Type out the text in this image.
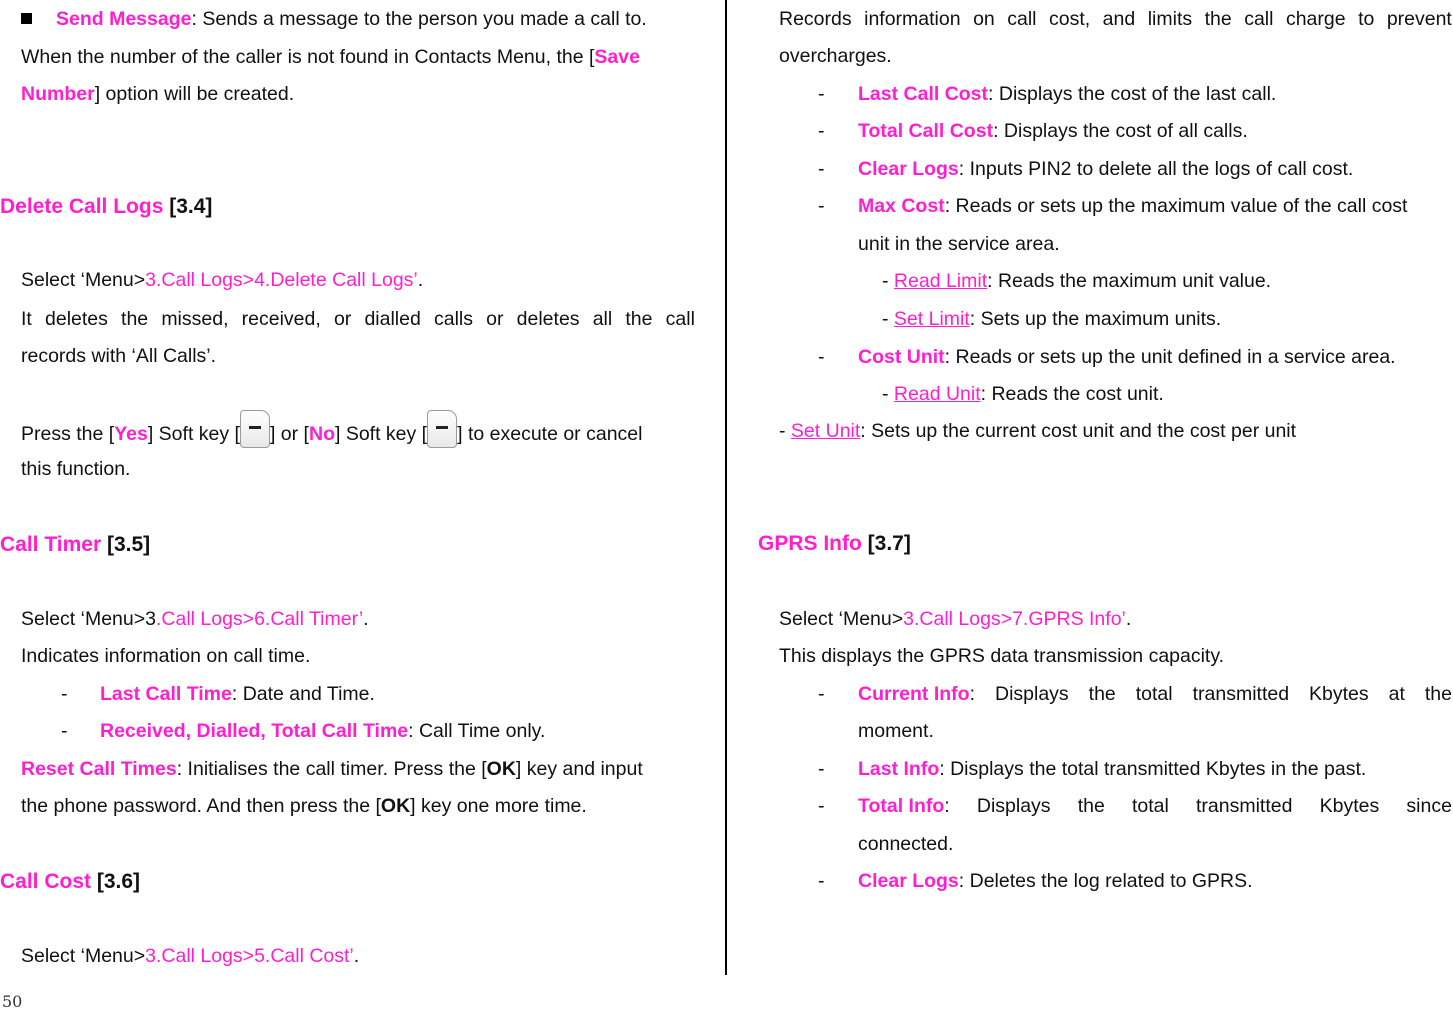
Send Message: Sends a message to the person you made a call to.
When the number of the caller is not found in Contacts Menu, the [Save
Number] option will be created.
Delete Call Logs [3.4]
Select ‘Menu>3.Call Logs>4.Delete Call Logs’.
It deletes the missed, received, or dialled calls or deletes all the call
records with ‘All Calls’.
Press the [Yes] Soft key [ ] or [No] Soft key [ ] to execute or cancel
this function.
Call Timer [3.5]
Select ‘Menu>3.Call Logs>6.Call Timer’.
Indicates information on call time.
- Last Call Time: Date and Time.
- Received, Dialled, Total Call Time: Call Time only.
Reset Call Times: Initialises the call timer. Press the [OK] key and input
the phone password. And then press the [OK] key one more time.
Call Cost [3.6]
Select ‘Menu>3.Call Logs>5.Call Cost’.
Records information on call cost, and limits the call charge to prevent
overcharges.
- Last Call Cost: Displays the cost of the last call.
- Total Call Cost: Displays the cost of all calls.
- Clear Logs: Inputs PIN2 to delete all the logs of call cost.
- Max Cost: Reads or sets up the maximum value of the call cost
unit in the service area.
- Read Limit: Reads the maximum unit value.
- Set Limit: Sets up the maximum units.
- Cost Unit: Reads or sets up the unit defined in a service area.
- Read Unit: Reads the cost unit.
- Set Unit: Sets up the current cost unit and the cost per unit
GPRS Info [3.7]
Select ‘Menu>3.Call Logs>7.GPRS Info’.
This displays the GPRS data transmission capacity.
- Current Info: Displays the total transmitted Kbytes at the
moment.
- Last Info: Displays the total transmitted Kbytes in the past.
- Total Info: Displays the total transmitted Kbytes since
connected.
- Clear Logs: Deletes the log related to GPRS.
50
